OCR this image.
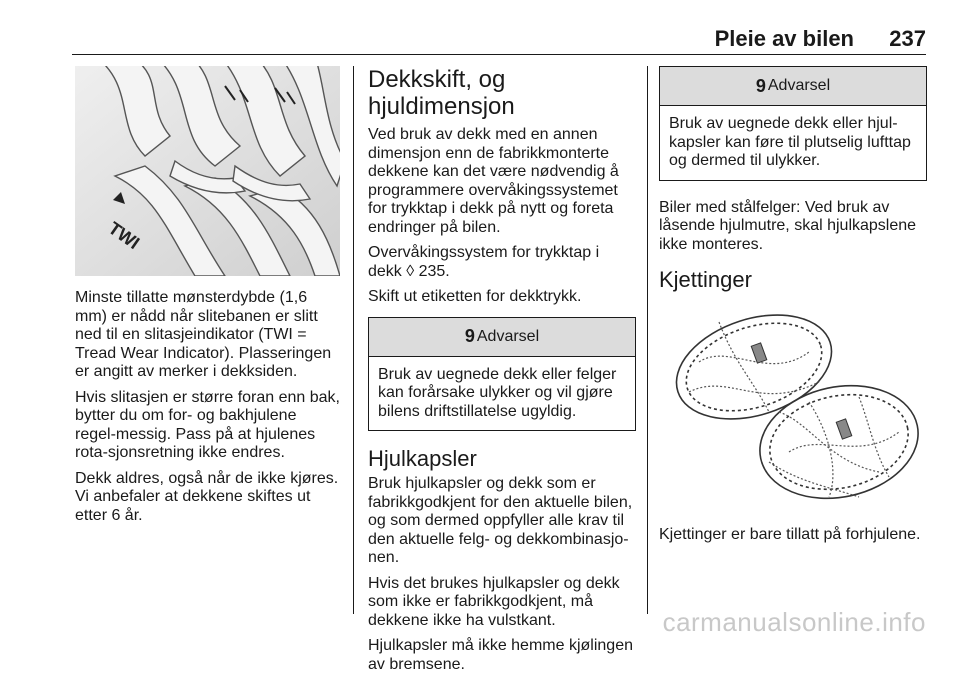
Pleie av bilen 237
TWI

Minste tillatte mønsterdybde (1,6 mm) er nådd når slitebanen er slitt ned til en slitasjeindikator (TWI = Tread Wear Indicator). Plasseringen er angitt av merker i dekksiden.

Hvis slitasjen er større foran enn bak, bytter du om for- og bakhjulene regel-messig. Pass på at hjulenes rota-sjonsretning ikke endres.

Dekk aldres, også når de ikke kjøres. Vi anbefaler at dekkene skiftes ut etter 6 år.

Dekkskift, og hjuldimensjon

Ved bruk av dekk med en annen dimensjon enn de fabrikkmonterte dekkene kan det være nødvendig å programmere overvåkingssystemet for trykktap i dekk på nytt og foreta endringer på bilen.

Overvåkingssystem for trykktap i dekk ◊ 235.

Skift ut etiketten for dekktrykk.

9 Advarsel

Bruk av uegnede dekk eller felger kan forårsake ulykker og vil gjøre bilens driftstillatelse ugyldig.

Hjulkapsler

Bruk hjulkapsler og dekk som er fabrikkgodkjent for den aktuelle bilen, og som dermed oppfyller alle krav til den aktuelle felg- og dekkombinasjo-nen.

Hvis det brukes hjulkapsler og dekk som ikke er fabrikkgodkjent, må dekkene ikke ha vulstkant.

Hjulkapsler må ikke hemme kjølingen av bremsene.

9 Advarsel

Bruk av uegnede dekk eller hjul-kapsler kan føre til plutselig lufttap og dermed til ulykker.

Biler med stålfelger: Ved bruk av låsende hjulmutre, skal hjulkapslene ikke monteres.

Kjettinger

Kjettinger er bare tillatt på forhjulene.

carmanualsonline.info
